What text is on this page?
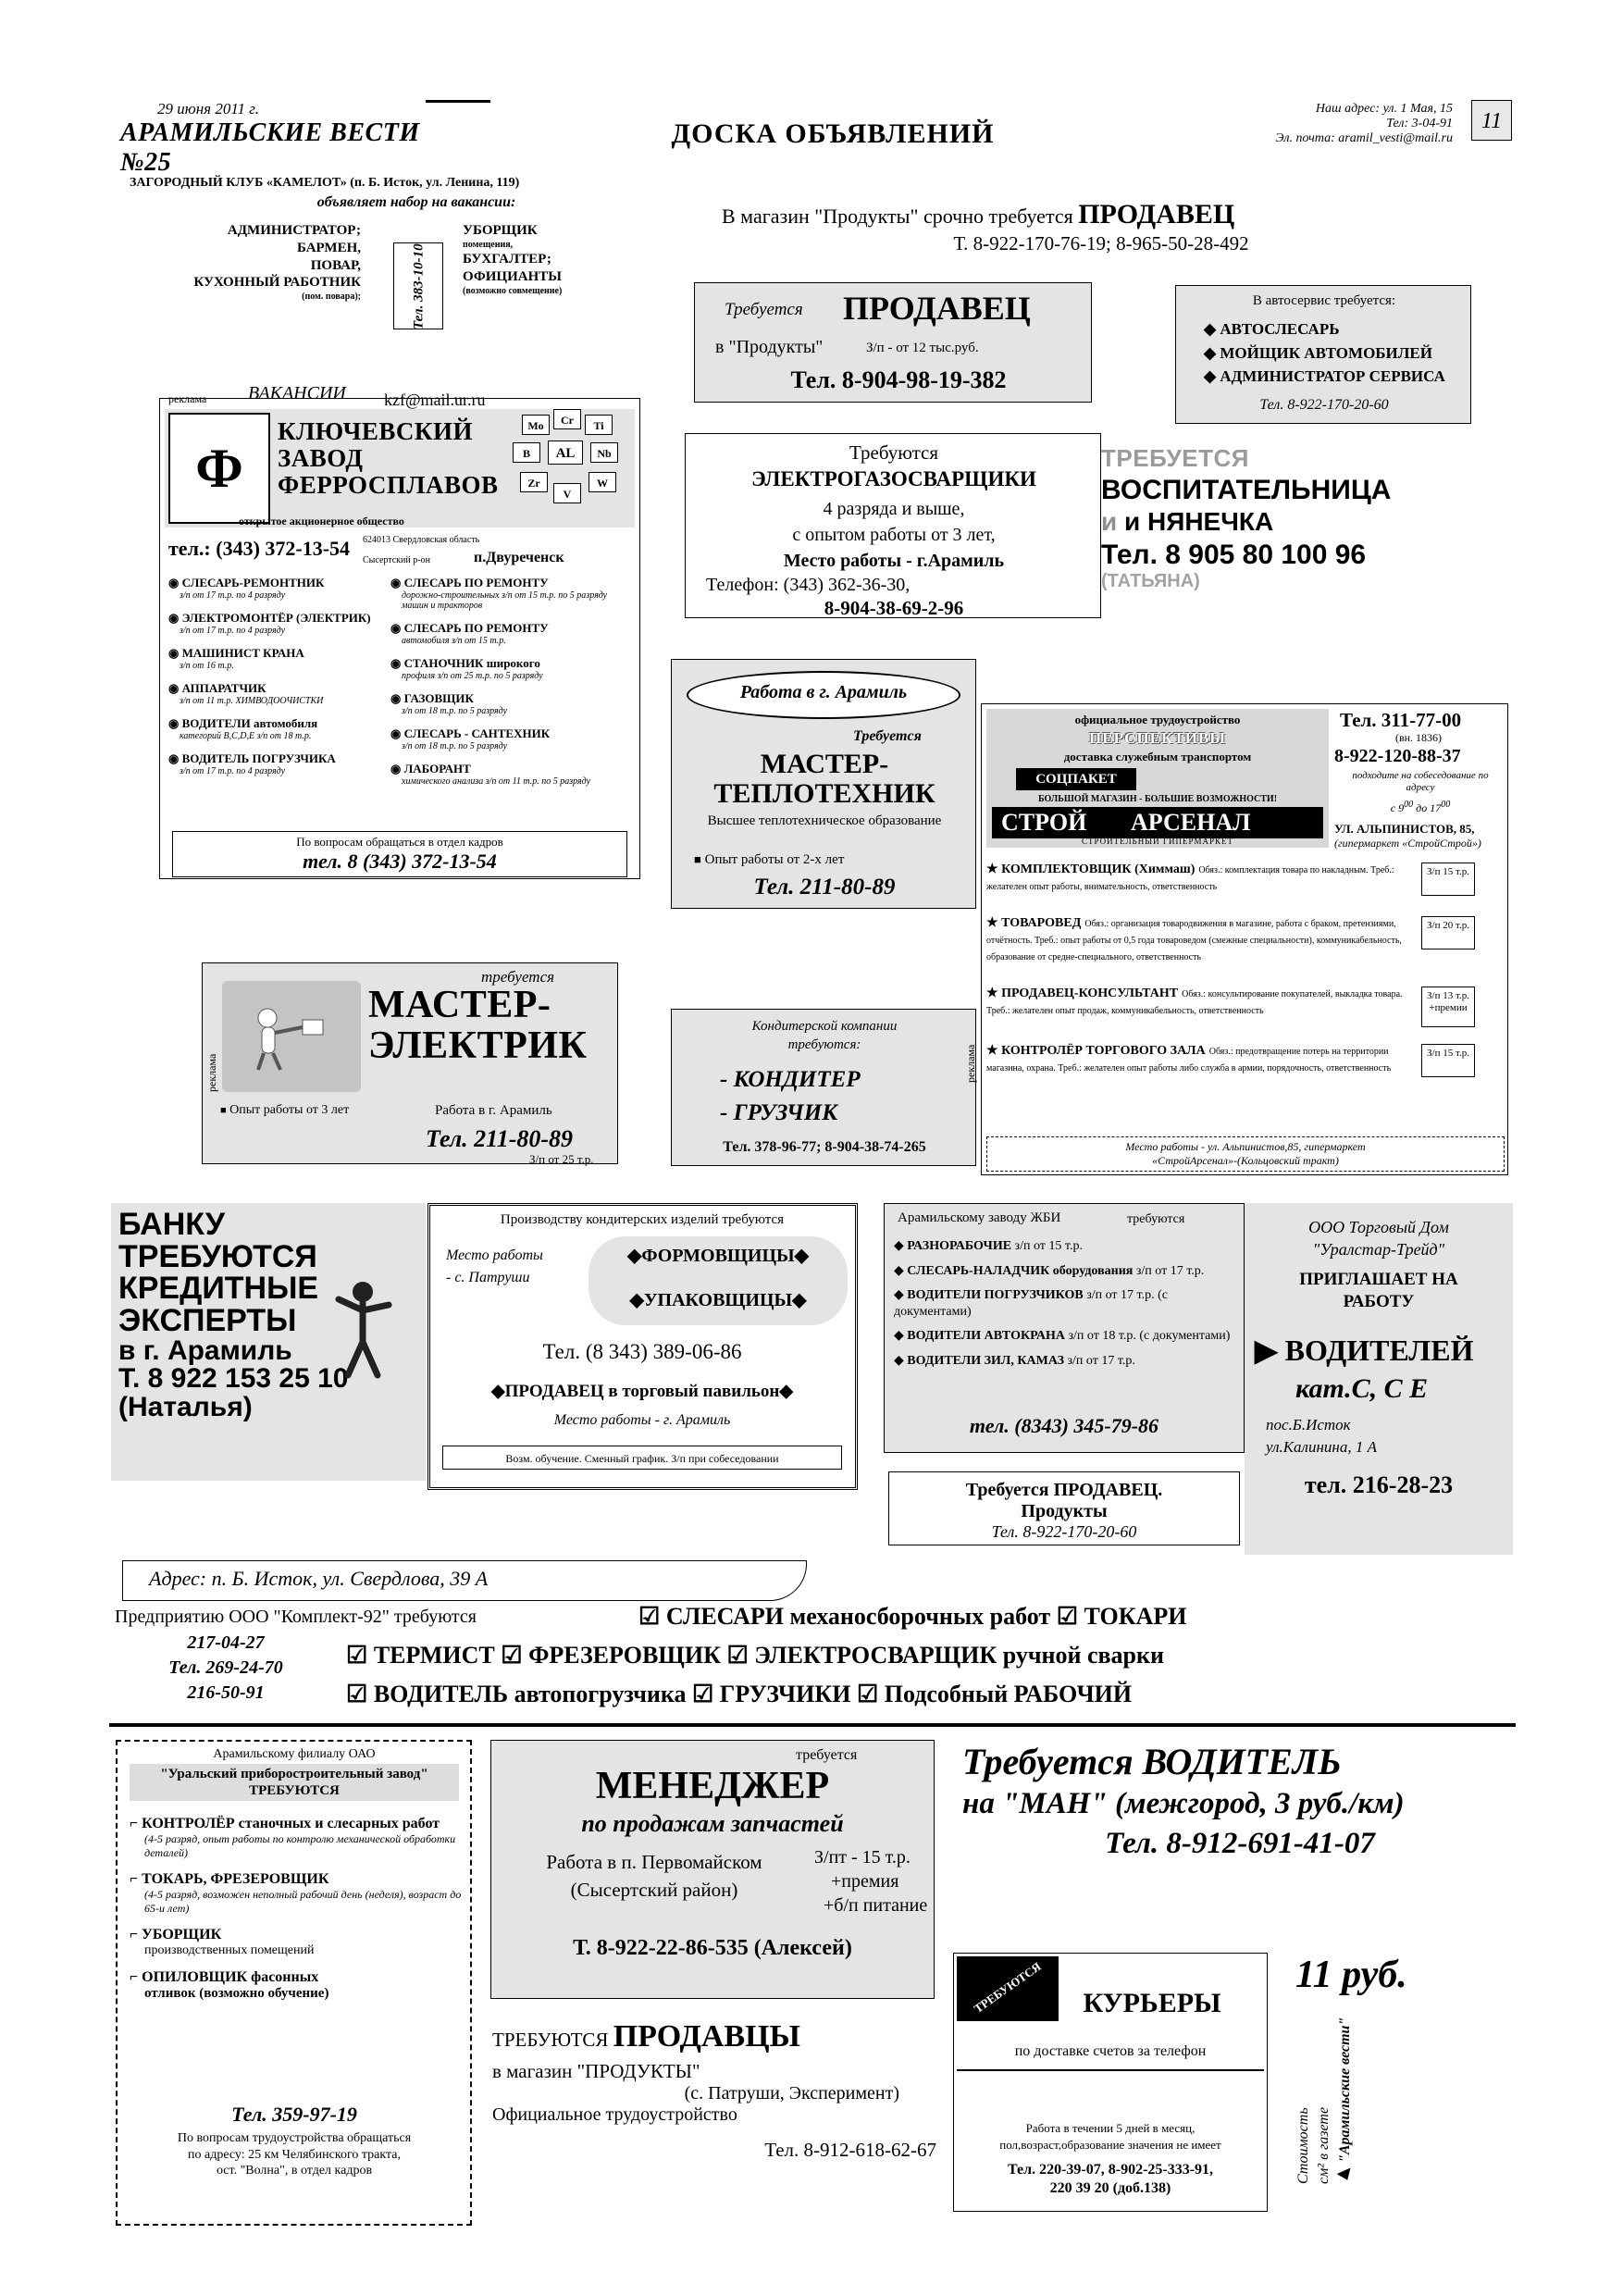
29 июня 2011 г.
АРАМИЛЬСКИЕ ВЕСТИ №25
ДОСКА ОБЪЯВЛЕНИЙ
Наш адрес: ул. 1 Мая, 15
Тел: 3-04-91
Эл. почта: aramil_vesti@mail.ru
11
ЗАГОРОДНЫЙ КЛУБ «КАМЕЛОТ» (п. Б. Исток, ул. Ленина, 119)
объявляет набор на вакансии:
АДМИНИСТРАТОР;
БАРМЕН,
ПОВАР,
КУХОННЫЙ РАБОТНИК
(пом. повара);
УБОРЩИК
помещения,
БУХГАЛТЕР;
ОФИЦИАНТЫ
(возможно совмещение)
Тел. 383-10-10
В магазин "Продукты" срочно требуется ПРОДАВЕЦ
Т. 8-922-170-76-19; 8-965-50-28-492
реклама ВАКАНСИИ kzf@mail.ur.ru
Ф
КЛЮЧЕВСКИЙ
ЗАВОД
ФЕРРОСПЛАВОВ
открытое акционерное общество
Mo	Cr	Ti
B	AL	Nb
Zr
V
W
тел.: (343) 372-13-54 624013 Свердловская область
Сысертский р-он	п.Двуреченск
◉ СЛЕСАРЬ-РЕМОНТНИК
з/п от 17 т.р. по 4 разряду
◉ ЭЛЕКТРОМОНТЁР (ЭЛЕКТРИК)
з/п от 17 т.р. по 4 разряду
◉ МАШИНИСТ КРАНА
з/п от 16 т.р.
◉ АППАРАТЧИК
з/п от 11 т.р. ХИМВОДООЧИСТКИ
◉ ВОДИТЕЛИ автомобиля
категорий В,С,D,Е з/п от 18 т.р.
◉ ВОДИТЕЛЬ ПОГРУЗЧИКА
з/п от 17 т.р. по 4 разряду
◉ СЛЕСАРЬ ПО РЕМОНТУ
дорожно-строительных з/п от 15 т.р. по 5 разряду машин и тракторов
◉ СЛЕСАРЬ ПО РЕМОНТУ
автомобиля з/п от 15 т.р.
◉ СТАНОЧНИК широкого
профиля з/п от 25 т.р. по 5 разряду
◉ ГАЗОВЩИК
з/п от 18 т.р. по 5 разряду
◉ СЛЕСАРЬ - САНТЕХНИК
з/п от 18 т.р. по 5 разряду
◉ ЛАБОРАНТ
химического анализа з/п от 11 т.р. по 5 разряду
По вопросам обращаться в отдел кадров
тел. 8 (343) 372-13-54
Требуется ПРОДАВЕЦ
в "Продукты"	З/п - от 12 тыс.руб.
Тел. 8-904-98-19-382
В автосервис требуется:
◆ АВТОСЛЕСАРЬ
◆ МОЙЩИК АВТОМОБИЛЕЙ
◆ АДМИНИСТРАТОР СЕРВИСА
Тел. 8-922-170-20-60
Требуются
ЭЛЕКТРОГАЗОСВАРЩИКИ
4 разряда и выше,
с опытом работы от 3 лет,
Место работы - г.Арамиль
Телефон: (343) 362-36-30,
8-904-38-69-2-96
ТРЕБУЕТСЯ
ВОСПИТАТЕЛЬНИЦА
и и НЯНЕЧКА
Тел. 8 905 80 100 96
(ТАТЬЯНА)
Работа в г. Арамиль
Требуется
МАСТЕР-
ТЕПЛОТЕХНИК
Высшее теплотехническое образование
■ Опыт работы от 2-х лет
Тел. 211-80-89
Кондитерской компании
требуются:
- КОНДИТЕР
- ГРУЗЧИК
Тел. 378-96-77; 8-904-38-74-265
реклама
требуется
МАСТЕР-
ЭЛЕКТРИК
■ Опыт работы от 3 лет	Работа в г. Арамиль
Тел. 211-80-89
З/п от 25 т.р.
реклама
официальное трудоустройство
ПЕРСПЕКТИВЫ
доставка служебным транспортом
СОЦПАКЕТ
БОЛЬШОЙ МАГАЗИН - БОЛЬШИЕ ВОЗМОЖНОСТИ!
СТРОЙ АРСЕНАЛ
СТРОИТЕЛЬНЫЙ ГИПЕРМАРКЕТ
Тел. 311-77-00
(вн. 1836)
8-922-120-88-37
подходите на собеседование по адресу
с $9^{00}$ до $17^{00}$
УЛ. АЛЬПИНИСТОВ, 85,
(гипермаркет «СтройСтрой»)
★ КОМПЛЕКТОВЩИК (Химмаш) Обяз.: комплектация товара по накладным. Треб.: желателен опыт работы, внимательность, ответственность
З/п 15 т.р.
★ ТОВАРОВЕД Обяз.: организация товародвижения в магазине, работа с браком, претензиями, отчётность. Треб.: опыт работы от 0,5 года товароведом (смежные специальности), коммуникабельность, образование от средне-специального, ответственность
З/п 20 т.р.
★ ПРОДАВЕЦ-КОНСУЛЬТАНТ Обяз.: консультирование покупателей, выкладка товара. Треб.: желателен опыт продаж, коммуникабельность, ответственность
З/п 13 т.р. +премии
★ КОНТРОЛЁР ТОРГОВОГО ЗАЛА Обяз.: предотвращение потерь на территории магазина, охрана. Треб.: желателен опыт работы либо служба в армии, порядочность, ответственность
З/п 15 т.р.
Место работы - ул. Альпинистов,85, гипермаркет
«СтройАрсенал»-(Кольцовский тракт)
БАНКУ
ТРЕБУЮТСЯ
КРЕДИТНЫЕ
ЭКСПЕРТЫ
в г. Арамиль
Т. 8 922 153 25 10
(Наталья)
Производству кондитерских изделий требуются
Место работы
- с. Патруши
◆ФОРМОВЩИЦЫ◆
◆УПАКОВЩИЦЫ◆
Тел. (8 343) 389-06-86
◆ПРОДАВЕЦ в торговый павильон◆
Место работы - г. Арамиль
Возм. обучение. Сменный график. З/п при собеседовании
Арамильскому заводу ЖБИ	требуются
◆ РАЗНОРАБОЧИЕ з/п от 15 т.р.
◆ СЛЕСАРЬ-НАЛАДЧИК оборудования з/п от 17 т.р.
◆ ВОДИТЕЛИ ПОГРУЗЧИКОВ з/п от 17 т.р. (с документами)
◆ ВОДИТЕЛИ АВТОКРАНА з/п от 18 т.р. (с документами)
◆ ВОДИТЕЛИ ЗИЛ, КАМАЗ з/п от 17 т.р.
тел. (8343) 345-79-86
Требуется ПРОДАВЕЦ.
Продукты
Тел. 8-922-170-20-60
ООО Торговый Дом
"Уралстар-Трейд"
ПРИГЛАШАЕТ НА
РАБОТУ
▶ ВОДИТЕЛЕЙ
кат.С, С Е
пос.Б.Исток
ул.Калинина, 1 А
тел. 216-28-23
Адрес: п. Б. Исток, ул. Свердлова, 39 А
Предприятию ООО "Комплект-92" требуются
217-04-27
Тел. 269-24-70
216-50-91
☑ СЛЕСАРИ механосборочных работ ☑ ТОКАРИ
☑ ТЕРМИСТ ☑ ФРЕЗЕРОВЩИК ☑ ЭЛЕКТРОСВАРЩИК ручной сварки
☑ ВОДИТЕЛЬ автопогрузчика ☑ ГРУЗЧИКИ ☑ Подсобный РАБОЧИЙ
Арамильскому филиалу ОАО
"Уральский приборостроительный завод" ТРЕБУЮТСЯ
⌐ КОНТРОЛЁР станочных и слесарных работ
(4-5 разряд, опыт работы по контролю механической обработки деталей)
⌐ ТОКАРЬ, ФРЕЗЕРОВЩИК
(4-5 разряд, возможен неполный рабочий день (неделя), возраст до 65-и лет)
⌐ УБОРЩИК
производственных помещений
⌐ ОПИЛОВЩИК фасонных
отливок (возможно обучение)
Тел. 359-97-19
По вопросам трудоустройства обращаться
по адресу: 25 км Челябинского тракта,
ост. "Волна", в отдел кадров
требуется
МЕНЕДЖЕР
по продажам запчастей
Работа в п. Первомайском
(Сысертский район)
З/пт - 15 т.р.
+премия
+б/п питание
Т. 8-922-22-86-535 (Алексей)
ТРЕБУЮТСЯ ПРОДАВЦЫ
в магазин "ПРОДУКТЫ"
(с. Патруши, Эксперимент)
Официальное трудоустройство
Тел. 8-912-618-62-67
Требуется ВОДИТЕЛЬ
на "МАН" (межгород, 3 руб./км)
Тел. 8-912-691-41-07
ТРЕБУЮТСЯ	КУРЬЕРЫ
по доставке счетов за телефон
Работа в течении 5 дней в месяц,
пол,возраст,образование значения не имеет
Тел. 220-39-07, 8-902-25-333-91,
220 39 20 (доб.138)
11 руб.
Стоимость см² в газете ▶ "Арамильские вести"
